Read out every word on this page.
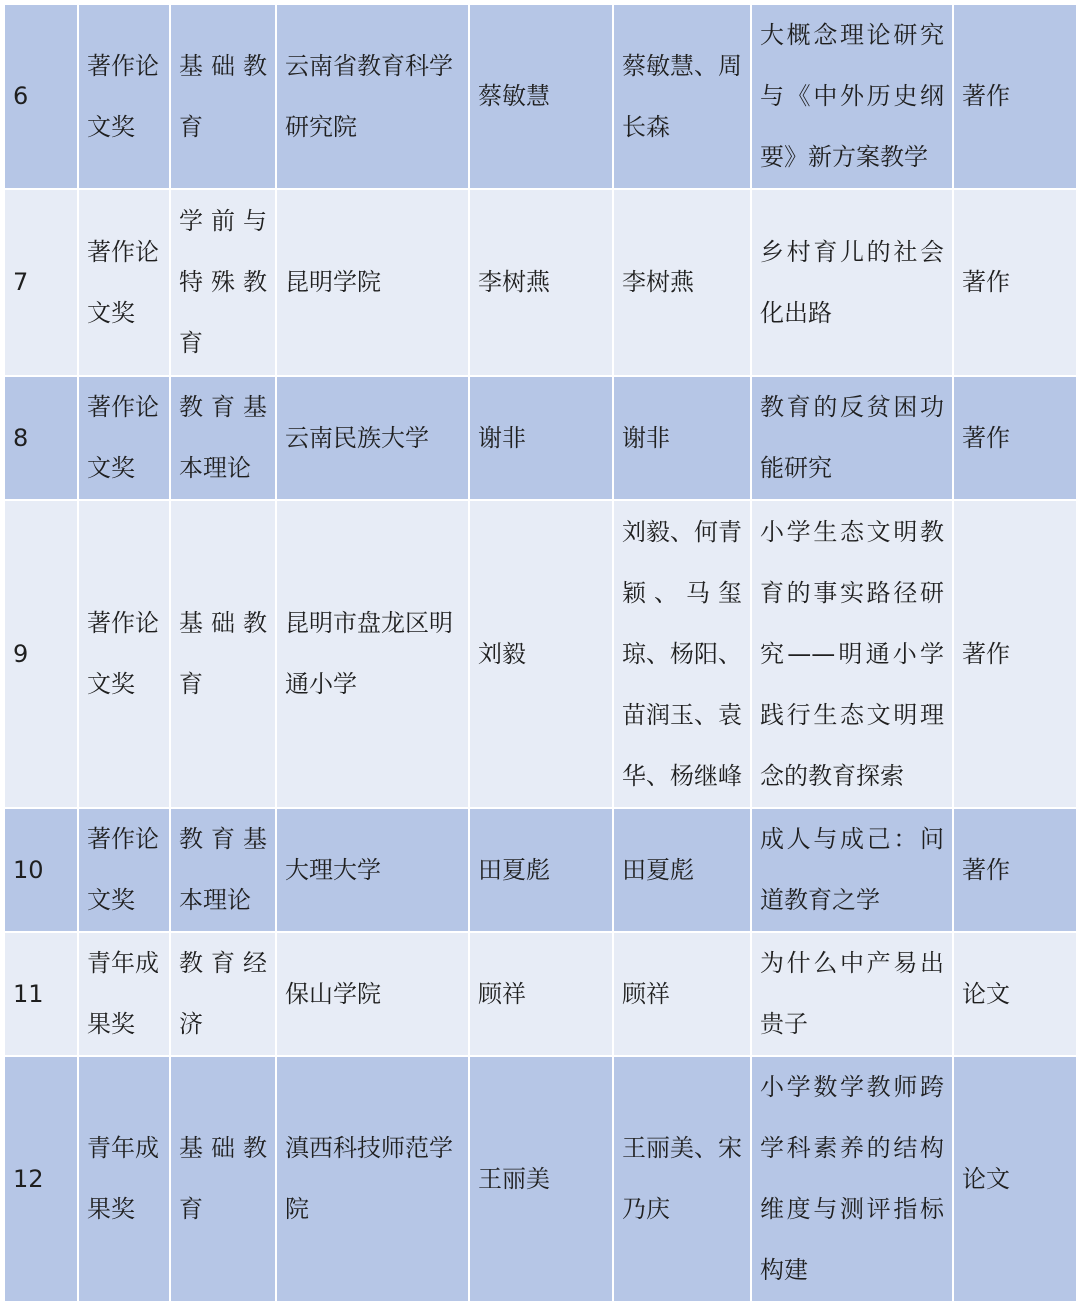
6	著作论文奖	基础教育	云南省教育科学研究院	蔡敏慧	蔡敏慧、周长森	大概念理论研究与《中外历史纲要》新方案教学	著作
7	著作论文奖	学前与特殊教育	昆明学院	李树燕	李树燕	乡村育儿的社会化出路	著作
8	著作论文奖	教育基本理论	云南民族大学	谢非	谢非	教育的反贫困功能研究	著作
9	著作论文奖	基础教育	昆明市盘龙区明通小学	刘毅	刘毅、何青颖、马玺琼、杨阳、苗润玉、袁华、杨继峰	小学生态文明教育的事实路径研究——明通小学践行生态文明理念的教育探索	著作
10	著作论文奖	教育基本理论	大理大学	田夏彪	田夏彪	成人与成己：问道教育之学	著作
11	青年成果奖	教育经济	保山学院	顾祥	顾祥	为什么中产易出贵子	论文
12	青年成果奖	基础教育	滇西科技师范学院	王丽美	王丽美、宋乃庆	小学数学教师跨学科素养的结构维度与测评指标构建	论文
